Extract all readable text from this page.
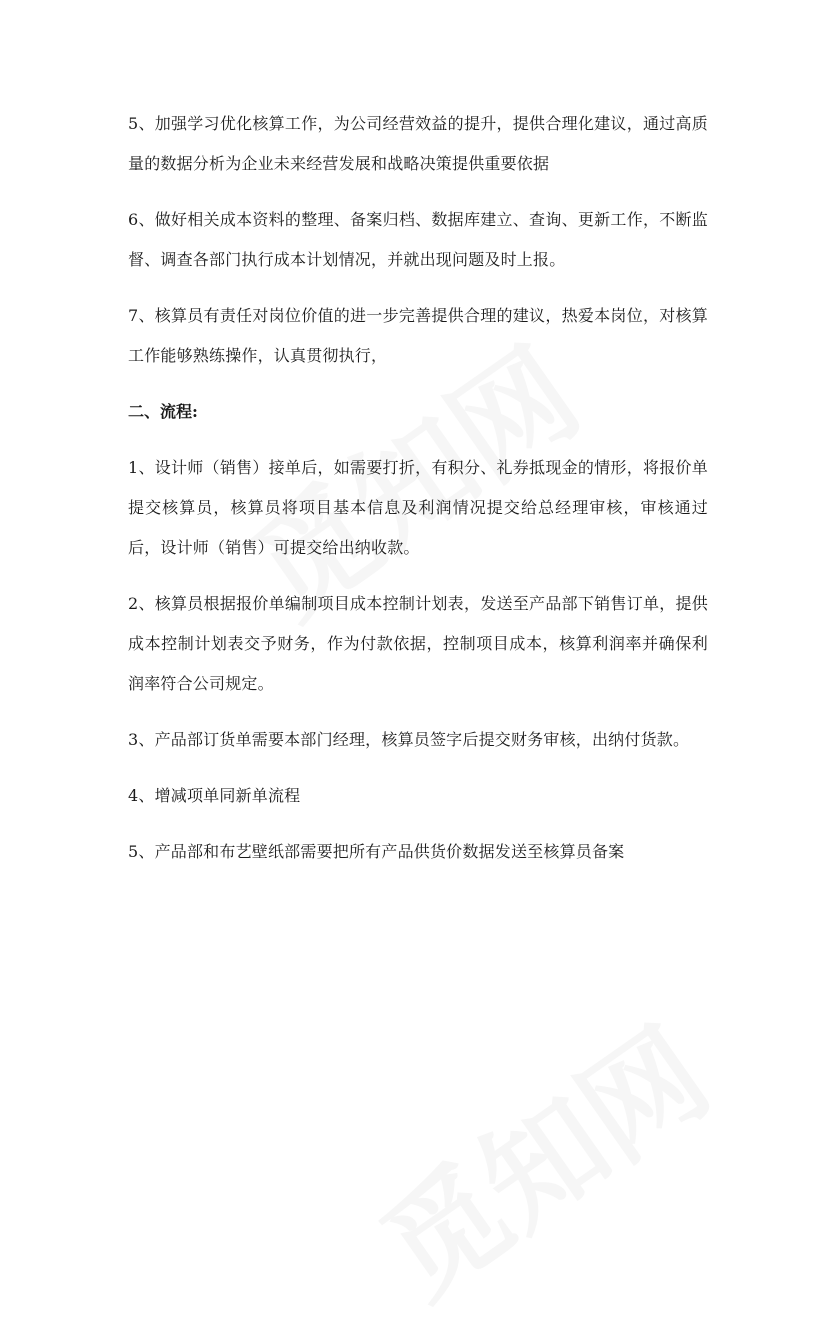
5、加强学习优化核算工作，为公司经营效益的提升，提供合理化建议，通过高质量的数据分析为企业未来经营发展和战略决策提供重要依据

6、做好相关成本资料的整理、备案归档、数据库建立、查询、更新工作，不断监督、调查各部门执行成本计划情况，并就出现问题及时上报。

7、核算员有责任对岗位价值的进一步完善提供合理的建议，热爱本岗位，对核算工作能够熟练操作，认真贯彻执行，

二、流程:

1、设计师（销售）接单后，如需要打折，有积分、礼券抵现金的情形，将报价单提交核算员，核算员将项目基本信息及利润情况提交给总经理审核，审核通过后，设计师（销售）可提交给出纳收款。

2、核算员根据报价单编制项目成本控制计划表，发送至产品部下销售订单，提供成本控制计划表交予财务，作为付款依据，控制项目成本，核算利润率并确保利润率符合公司规定。

3、产品部订货单需要本部门经理，核算员签字后提交财务审核，出纳付货款。

4、增减项单同新单流程

5、产品部和布艺壁纸部需要把所有产品供货价数据发送至核算员备案
